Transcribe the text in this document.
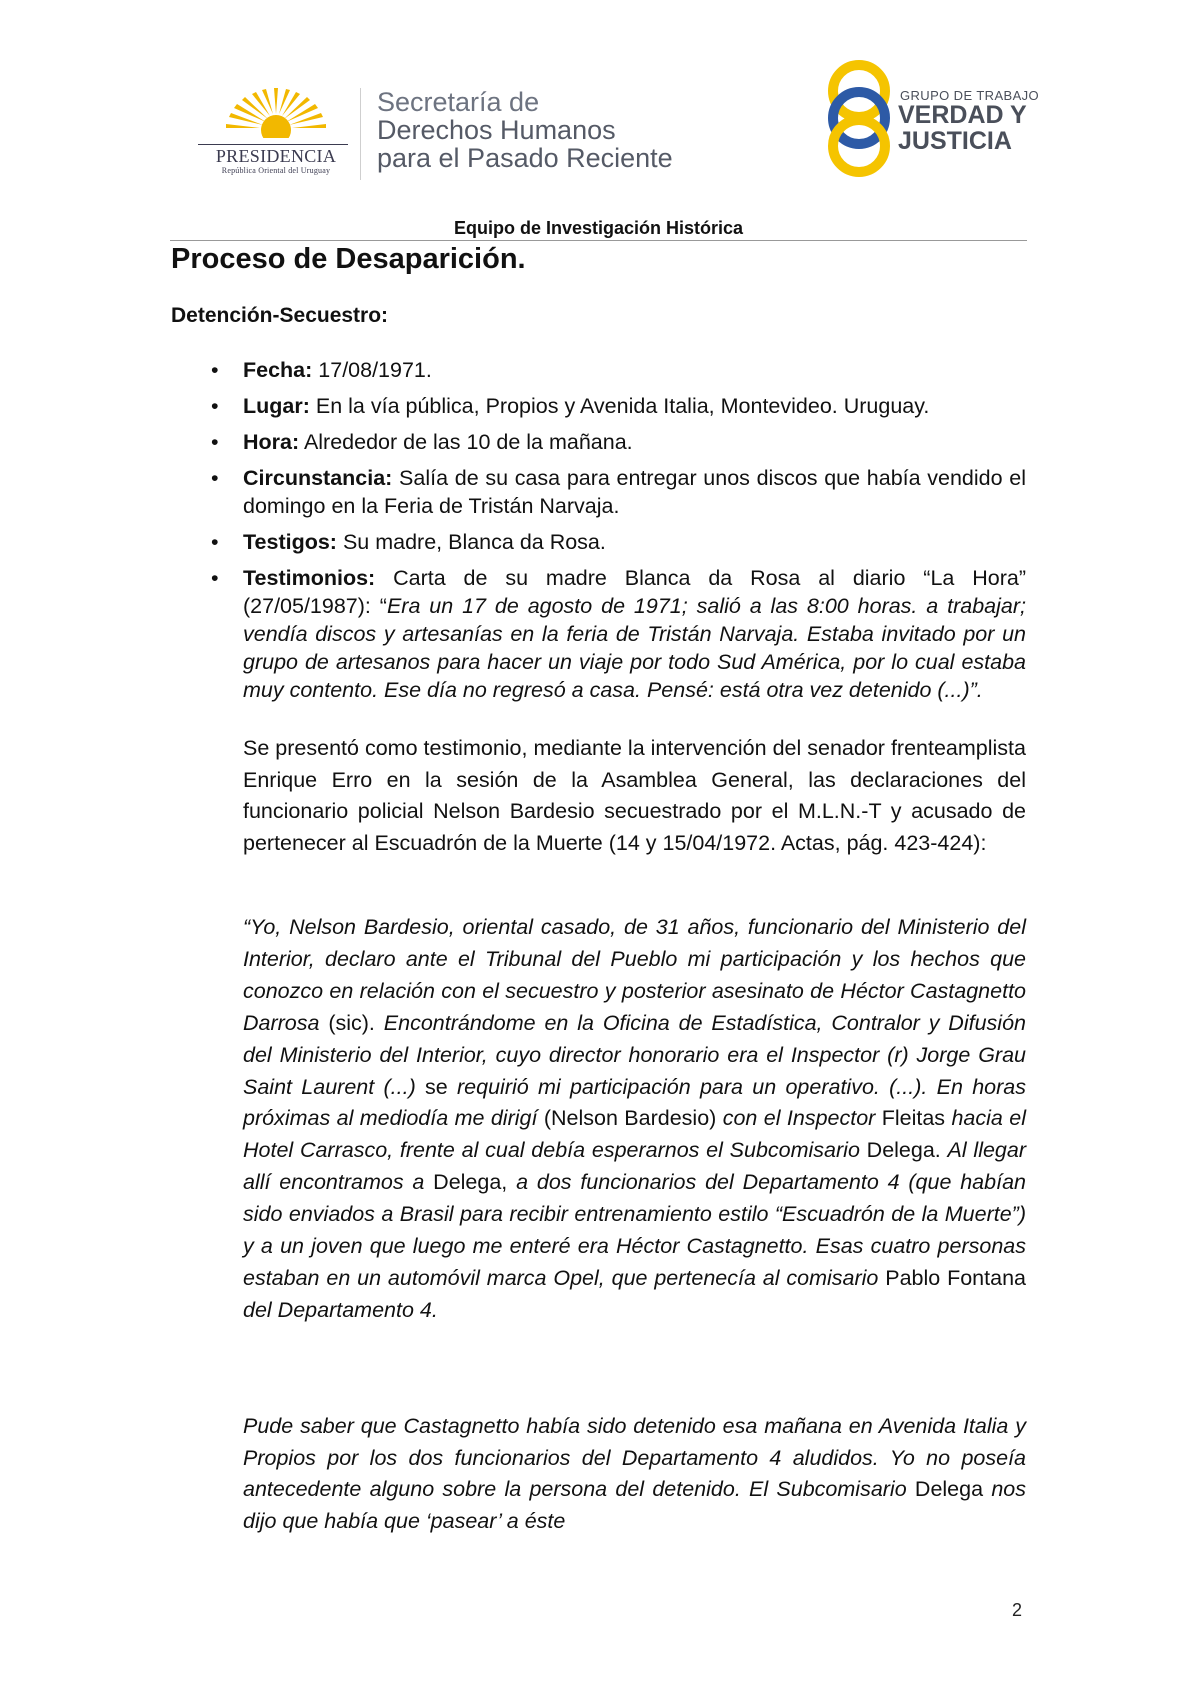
PRESIDENCIA
República Oriental del Uruguay
Secretaría de
Derechos Humanos
para el Pasado Reciente
GRUPO DE TRABAJO
VERDAD Y
JUSTICIA
Equipo de Investigación Histórica
Proceso de Desaparición.
Detención-Secuestro:
• Fecha: 17/08/1971.
• Lugar: En la vía pública, Propios y Avenida Italia, Montevideo. Uruguay.
• Hora: Alrededor de las 10 de la mañana.
• Circunstancia: Salía de su casa para entregar unos discos que había vendido el domingo en la Feria de Tristán Narvaja.
• Testigos: Su madre, Blanca da Rosa.
• Testimonios: Carta de su madre Blanca da Rosa al diario “La Hora” (27/05/1987): “Era un 17 de agosto de 1971; salió a las 8:00 horas. a trabajar; vendía discos y artesanías en la feria de Tristán Narvaja. Estaba invitado por un grupo de artesanos para hacer un viaje por todo Sud América, por lo cual estaba muy contento. Ese día no regresó a casa. Pensé: está otra vez detenido (...)”.

Se presentó como testimonio, mediante la intervención del senador frenteamplista Enrique Erro en la sesión de la Asamblea General, las declaraciones del funcionario policial Nelson Bardesio secuestrado por el M.L.N.-T y acusado de pertenecer al Escuadrón de la Muerte (14 y 15/04/1972. Actas, pág. 423-424):

“Yo, Nelson Bardesio, oriental casado, de 31 años, funcionario del Ministerio del Interior, declaro ante el Tribunal del Pueblo mi participación y los hechos que conozco en relación con el secuestro y posterior asesinato de Héctor Castagnetto Darrosa (sic). Encontrándome en la Oficina de Estadística, Contralor y Difusión del Ministerio del Interior, cuyo director honorario era el Inspector (r) Jorge Grau Saint Laurent (...) se requirió mi participación para un operativo. (...). En horas próximas al mediodía me dirigí (Nelson Bardesio) con el Inspector Fleitas hacia el Hotel Carrasco, frente al cual debía esperarnos el Subcomisario Delega. Al llegar allí encontramos a Delega, a dos funcionarios del Departamento 4 (que habían sido enviados a Brasil para recibir entrenamiento estilo “Escuadrón de la Muerte”) y a un joven que luego me enteré era Héctor Castagnetto. Esas cuatro personas estaban en un automóvil marca Opel, que pertenecía al comisario Pablo Fontana del Departamento 4.

Pude saber que Castagnetto había sido detenido esa mañana en Avenida Italia y Propios por los dos funcionarios del Departamento 4 aludidos. Yo no poseía antecedente alguno sobre la persona del detenido. El Subcomisario Delega nos dijo que había que ‘pasear’ a éste

2
